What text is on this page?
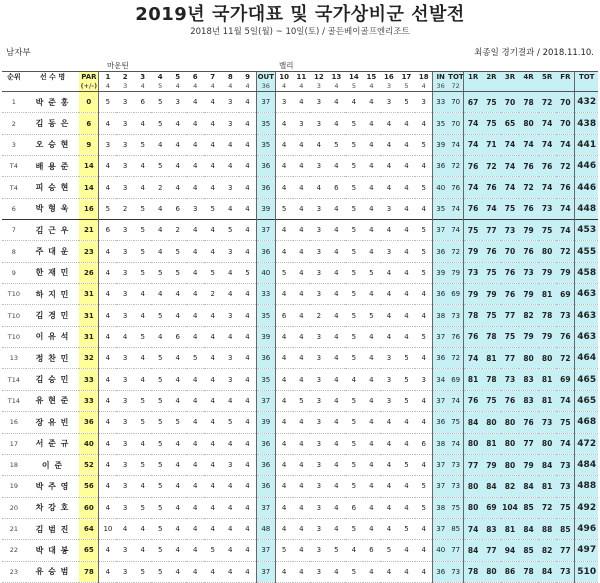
2019년 국가대표 및 국가상비군 선발전
2018년 11월 5일(월) ~ 10일(토) / 골든베이골프엔리조트
남자부	최종일 경기결과 / 2018.11.10.
마운틴	밸리
순위	선 수 명	PAR	1	2	3	4	5	6	7	8	9	OUT	10	11	12	13	14	15	16	17	18	IN	TOT	1R	2R	3R	4R	5R	FR	TOT
		(+/-)	4	3	4	5	4	4	4	4	4	36	4	4	3	4	5	4	3	5	4	36	72							
1	박 준 홍	0	5	3	6	5	3	4	4	3	4	37	3	4	3	4	4	4	3	5	3	33	70	67	75	70	78	72	70	432
2	김 동 은	6	4	3	4	5	4	4	4	3	4	35	4	3	3	4	5	4	4	4	4	35	70	74	75	65	80	74	70	438
3	오 승 현	9	3	3	5	4	4	4	4	4	4	35	4	4	4	5	5	4	4	4	5	39	74	74	71	74	74	74	74	441
T4	배 용 준	14	4	3	4	5	4	4	4	4	4	36	4	4	3	4	5	4	4	4	4	36	72	76	72	74	76	76	72	446
T4	피 승 현	14	4	3	4	2	4	4	4	3	4	36	4	4	4	6	5	4	4	4	5	40	76	74	76	74	72	74	76	446
6	박 형 욱	16	5	2	5	4	6	3	5	4	4	39	5	4	3	4	5	4	3	4	4	35	74	76	74	75	76	73	74	448
7	김 근 우	21	6	3	5	4	2	4	4	5	4	37	4	4	3	4	5	4	4	4	5	37	74	75	77	73	79	75	74	453
8	주 대 운	23	4	3	5	4	5	4	4	3	4	36	4	4	3	4	5	4	3	4	5	36	72	79	76	70	76	80	72	455
9	한 재 민	26	4	3	5	5	5	4	5	4	5	40	5	4	3	4	5	5	4	4	5	39	79	73	75	76	73	79	79	458
T10	하 지 민	31	4	3	4	4	4	4	2	4	4	33	4	4	3	4	5	4	4	4	4	36	69	79	79	76	79	81	69	463
T10	김 경 민	31	4	3	4	5	4	4	4	3	4	35	6	4	2	4	5	5	4	4	4	38	73	78	75	77	82	78	73	463
T10	이 유 석	31	4	4	5	4	6	4	4	4	4	39	4	4	3	4	5	4	4	4	5	37	76	76	78	75	79	79	76	463
13	정 찬 민	32	4	3	4	5	4	5	4	3	4	36	4	4	3	4	5	4	3	5	4	36	72	74	81	77	80	80	72	464
T14	김 승 민	33	4	3	4	5	4	4	4	3	4	35	4	4	3	4	4	4	3	5	3	34	69	81	78	73	83	81	69	465
T14	유 현 준	33	4	3	5	5	4	4	4	4	4	37	4	5	3	4	5	4	3	5	4	37	74	76	75	76	83	81	74	465
16	장 유 빈	36	4	3	5	5	5	4	4	5	4	39	4	4	3	4	5	4	4	4	4	36	75	84	80	80	76	73	75	468
17	서 준 규	40	4	3	4	5	4	4	4	4	4	36	4	4	3	4	5	4	4	4	6	38	74	80	81	80	77	80	74	472
18	이 준	52	4	3	5	5	4	4	4	3	4	36	4	4	3	4	5	4	4	5	4	37	73	77	79	80	79	84	73	484
19	박 주 영	56	4	3	4	5	4	4	4	4	4	36	4	4	3	4	5	4	4	4	5	37	73	80	84	82	84	81	73	488
20	차 강 호	60	4	3	5	5	4	4	4	4	4	37	4	4	3	4	6	4	4	4	5	38	75	80	69	104	85	72	75	492
21	김 범 진	64	10	4	4	5	4	4	4	4	4	48	4	4	3	4	5	4	4	5	4	37	85	74	83	81	84	88	85	496
22	박 대 봉	65	4	3	4	5	4	4	5	4	4	37	5	4	3	5	4	6	5	4	4	40	77	84	77	94	85	82	77	497
23	유 승 범	78	4	3	5	5	4	4	4	4	4	37	4	4	3	4	5	4	4	4	4	36	73	78	80	86	78	84	73	510
